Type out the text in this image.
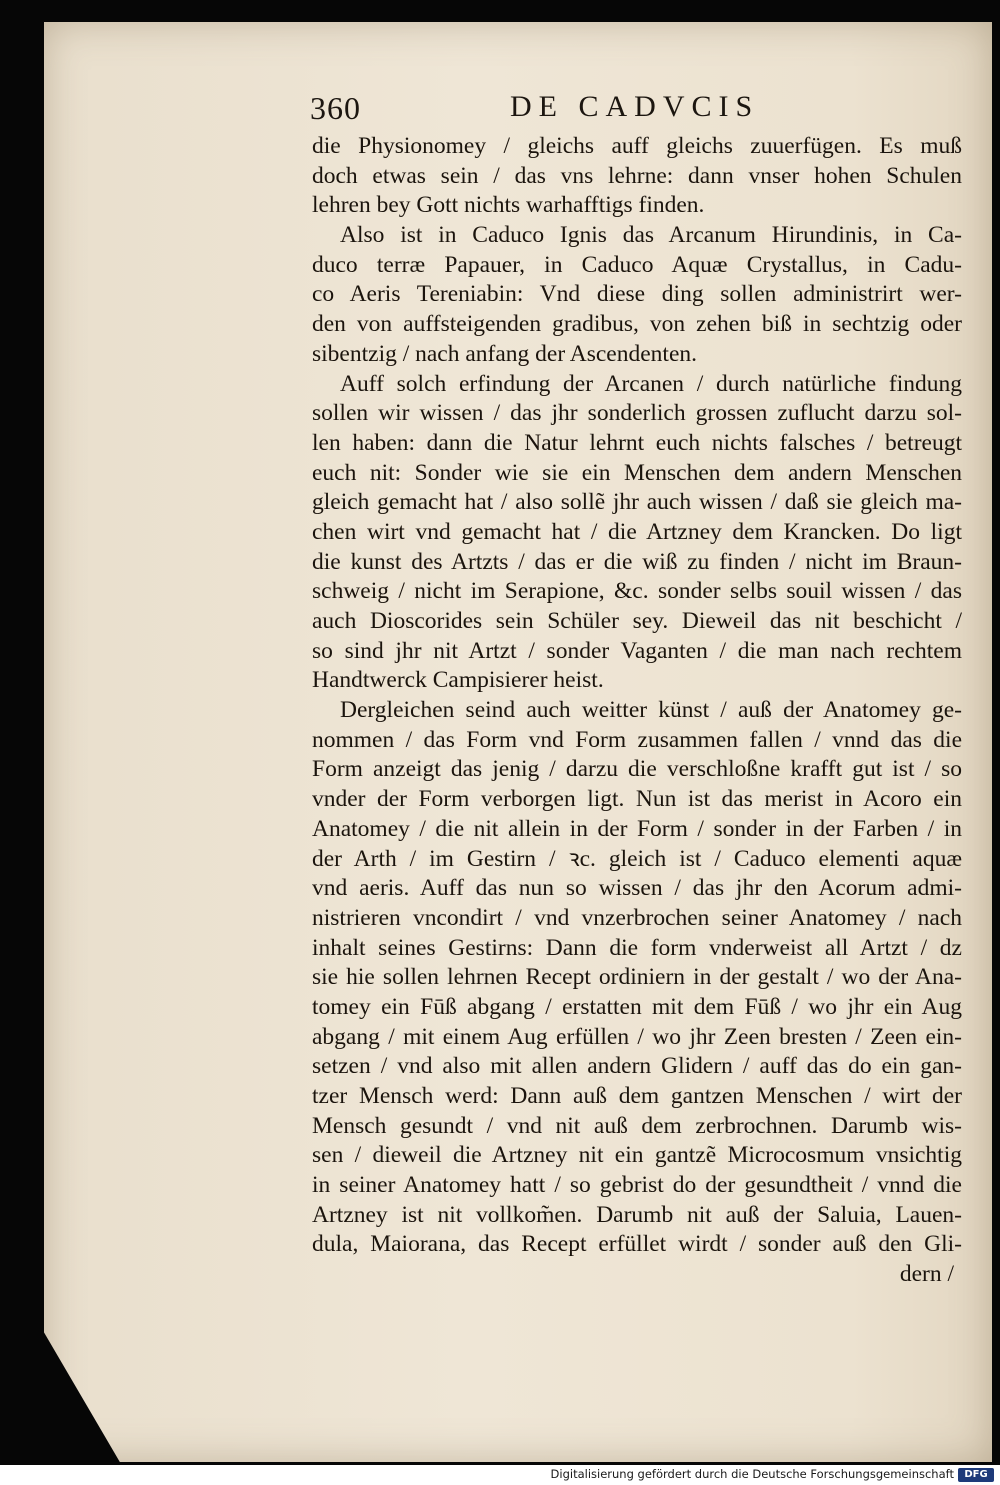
360	DE CADVCIS
die Physionomey / gleichs auff gleichs zuuerfügen. Es muß
doch etwas sein / das vns lehrne: dann vnser hohen Schulen
lehren bey Gott nichts warhafftigs finden.
Also ist in Caduco Ignis das Arcanum Hirundinis, in Ca-
duco terræ Papauer, in Caduco Aquæ Crystallus, in Cadu-
co Aeris Tereniabin: Vnd diese ding sollen administrirt wer-
den von auffsteigenden gradibus, von zehen biß in sechtzig oder
sibentzig / nach anfang der Ascendenten.
Auff solch erfindung der Arcanen / durch natürliche findung
sollen wir wissen / das jhr sonderlich grossen zuflucht darzu sol-
len haben: dann die Natur lehrnt euch nichts falsches / betreugt
euch nit: Sonder wie sie ein Menschen dem andern Menschen
gleich gemacht hat / also sollẽ jhr auch wissen / daß sie gleich ma-
chen wirt vnd gemacht hat / die Artzney dem Krancken. Do ligt
die kunst des Artzts / das er die wiß zu finden / nicht im Braun-
schweig / nicht im Serapione, &c. sonder selbs souil wissen / das
auch Dioscorides sein Schüler sey. Dieweil das nit beschicht /
so sind jhr nit Artzt / sonder Vaganten / die man nach rechtem
Handtwerck Campisierer heist.
Dergleichen seind auch weitter künst / auß der Anatomey ge-
nommen / das Form vnd Form zusammen fallen / vnnd das die
Form anzeigt das jenig / darzu die verschloßne krafft gut ist / so
vnder der Form verborgen ligt. Nun ist das merist in Acoro ein
Anatomey / die nit allein in der Form / sonder in der Farben / in
der Arth / im Gestirn / ꝛc. gleich ist / Caduco elementi aquæ
vnd aeris. Auff das nun so wissen / das jhr den Acorum admi-
nistrieren vncondirt / vnd vnzerbrochen seiner Anatomey / nach
inhalt seines Gestirns: Dann die form vnderweist all Artzt / dz
sie hie sollen lehrnen Recept ordiniern in der gestalt / wo der Ana-
tomey ein Fūß abgang / erstatten mit dem Fūß / wo jhr ein Aug
abgang / mit einem Aug erfüllen / wo jhr Zeen bresten / Zeen ein-
setzen / vnd also mit allen andern Glidern / auff das do ein gan-
tzer Mensch werd: Dann auß dem gantzen Menschen / wirt der
Mensch gesundt / vnd nit auß dem zerbrochnen. Darumb wis-
sen / dieweil die Artzney nit ein gantzẽ Microcosmum vnsichtig
in seiner Anatomey hatt / so gebrist do der gesundtheit / vnnd die
Artzney ist nit vollkom̃en. Darumb nit auß der Saluia, Lauen-
dula, Maiorana, das Recept erfüllet wirdt / sonder auß den Gli-
dern /
Digitalisierung gefördert durch die Deutsche Forschungsgemeinschaft	DFG
